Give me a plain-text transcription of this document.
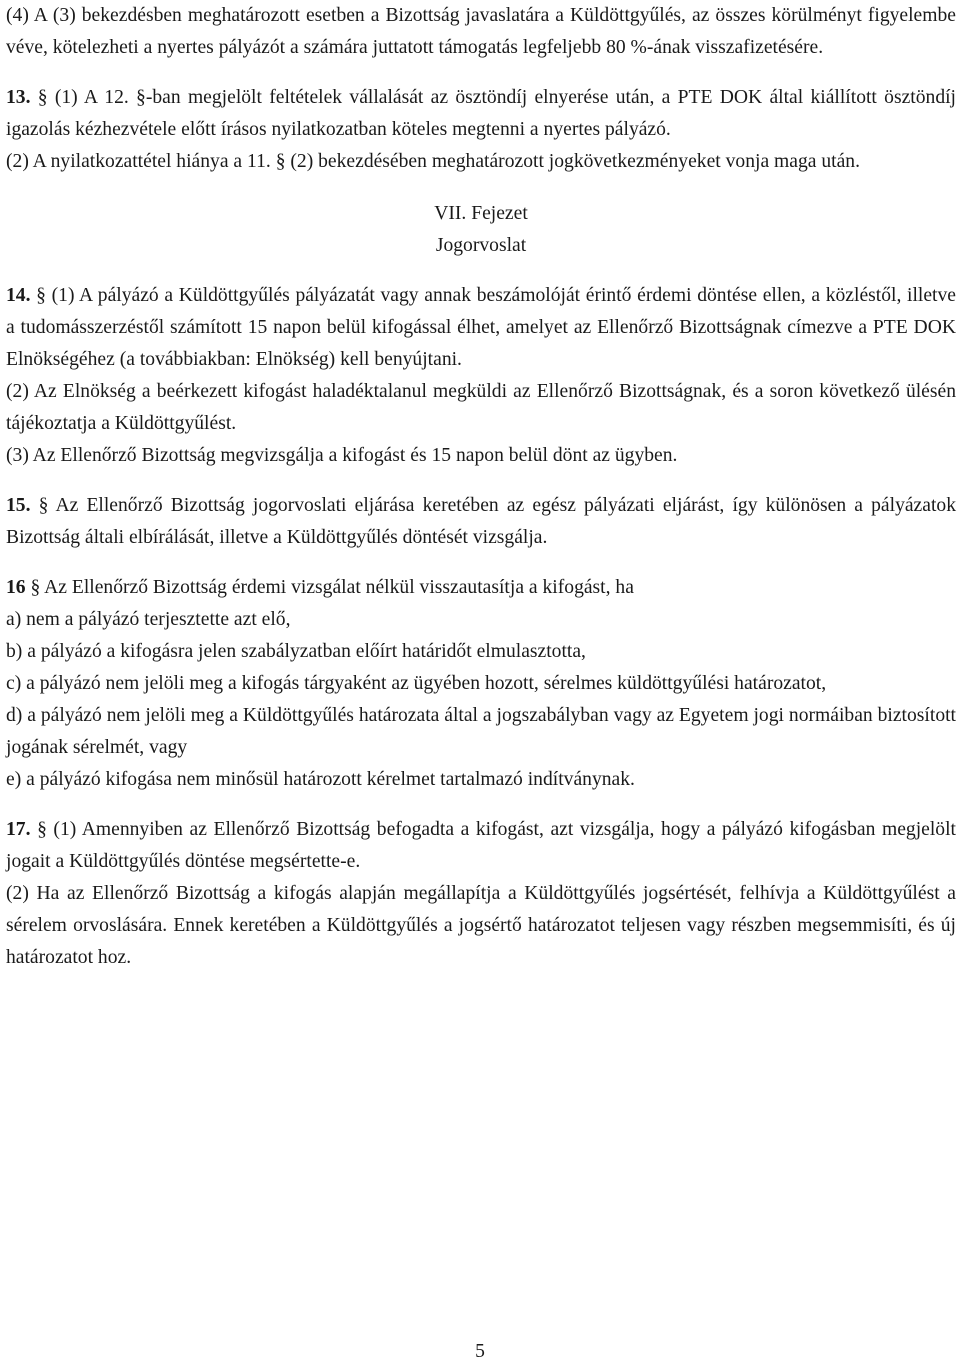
(4) A (3) bekezdésben meghatározott esetben a Bizottság javaslatára a Küldöttgyűlés, az összes körülményt figyelembe véve, kötelezheti a nyertes pályázót a számára juttatott támogatás legfeljebb 80 %-ának visszafizetésére.

13. § (1) A 12. §-ban megjelölt feltételek vállalását az ösztöndíj elnyerése után, a PTE DOK által kiállított ösztöndíj igazolás kézhezvétele előtt írásos nyilatkozatban köteles megtenni a nyertes pályázó.

(2) A nyilatkozattétel hiánya a 11. § (2) bekezdésében meghatározott jogkövetkezményeket vonja maga után.

VII. Fejezet
Jogorvoslat

14. § (1) A pályázó a Küldöttgyűlés pályázatát vagy annak beszámolóját érintő érdemi döntése ellen, a közléstől, illetve a tudomásszerzéstől számított 15 napon belül kifogással élhet, amelyet az Ellenőrző Bizottságnak címezve a PTE DOK Elnökségéhez (a továbbiakban: Elnökség) kell benyújtani.

(2) Az Elnökség a beérkezett kifogást haladéktalanul megküldi az Ellenőrző Bizottságnak, és a soron következő ülésén tájékoztatja a Küldöttgyűlést.

(3) Az Ellenőrző Bizottság megvizsgálja a kifogást és 15 napon belül dönt az ügyben.

15. § Az Ellenőrző Bizottság jogorvoslati eljárása keretében az egész pályázati eljárást, így különösen a pályázatok Bizottság általi elbírálását, illetve a Küldöttgyűlés döntését vizsgálja.

16 § Az Ellenőrző Bizottság érdemi vizsgálat nélkül visszautasítja a kifogást, ha

a) nem a pályázó terjesztette azt elő,

b) a pályázó a kifogásra jelen szabályzatban előírt határidőt elmulasztotta,

c) a pályázó nem jelöli meg a kifogás tárgyaként az ügyében hozott, sérelmes küldöttgyűlési határozatot,

d) a pályázó nem jelöli meg a Küldöttgyűlés határozata által a jogszabályban vagy az Egyetem jogi normáiban biztosított jogának sérelmét, vagy

e) a pályázó kifogása nem minősül határozott kérelmet tartalmazó indítványnak.

17. § (1) Amennyiben az Ellenőrző Bizottság befogadta a kifogást, azt vizsgálja, hogy a pályázó kifogásban megjelölt jogait a Küldöttgyűlés döntése megsértette-e.

(2) Ha az Ellenőrző Bizottság a kifogás alapján megállapítja a Küldöttgyűlés jogsértését, felhívja a Küldöttgyűlést a sérelem orvoslására. Ennek keretében a Küldöttgyűlés a jogsértő határozatot teljesen vagy részben megsemmisíti, és új határozatot hoz.

5
